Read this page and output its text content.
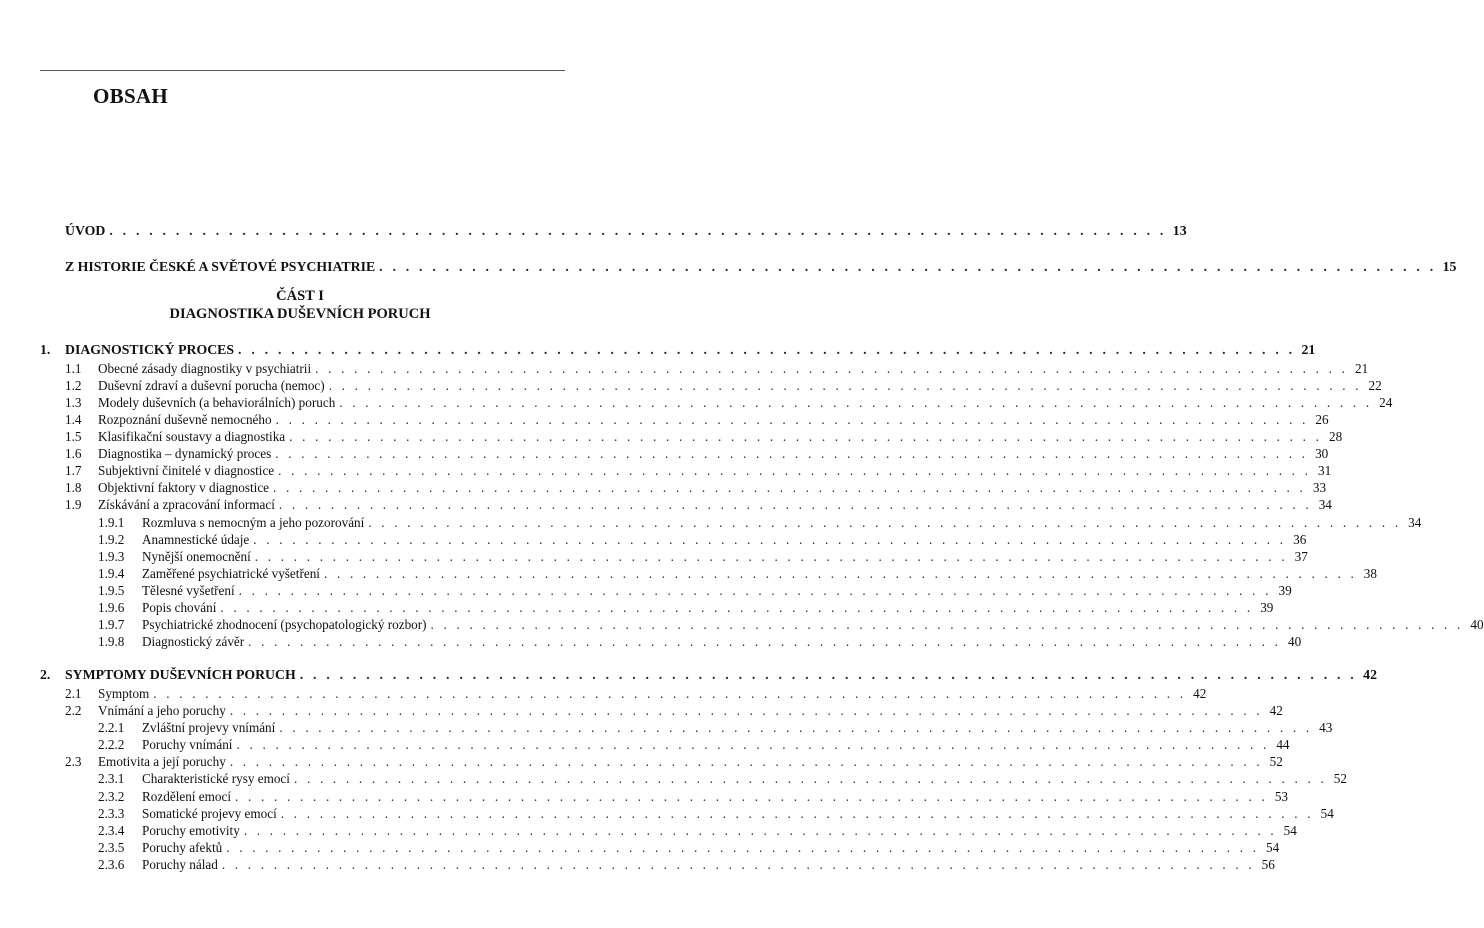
OBSAH
ÚVOD . . . . . . . . . . . . . . . . . . . . . . . . . . . . . . . . . . . . . . . . . . . . . . . . . . . . . . . . . . . . . . . . . . . . . . . . . . . . . . . . 13
Z HISTORIE ČESKÉ A SVĚTOVÉ PSYCHIATRIE . . . . . . . . . . . . . . . . . . . . . . . . . . . . . . . . . . . . . . . . . . . . . . . . . . . . . . . . . . . . . . . . . . . . . . . . . . . . . . . . 15
ČÁST I
DIAGNOSTIKA DUŠEVNÍCH PORUCH
1. DIAGNOSTICKÝ PROCES . . . . . . . . . . . . . . . . . . . . . . . . . . . . . . . . . . . . . . . . . . . . . . . . . . . . . . . . . . . . . . . . . . . . . . . . . . . . . . . . 21
1.1 Obecné zásady diagnostiky v psychiatrii . . . . . . . . . . . . . . . . . . . . . . . . . . . . . . . . . . . . . . . . . . . . . . . . . . . . . . . . . . . . . . . . . . . . . . . . . . . . . . . . 21
1.2 Duševní zdraví a duševní porucha (nemoc) . . . . . . . . . . . . . . . . . . . . . . . . . . . . . . . . . . . . . . . . . . . . . . . . . . . . . . . . . . . . . . . . . . . . . . . . . . . . . . . . 22
1.3 Modely duševních (a behaviorálních) poruch . . . . . . . . . . . . . . . . . . . . . . . . . . . . . . . . . . . . . . . . . . . . . . . . . . . . . . . . . . . . . . . . . . . . . . . . . . . . . . . . 24
1.4 Rozpoznání duševně nemocného . . . . . . . . . . . . . . . . . . . . . . . . . . . . . . . . . . . . . . . . . . . . . . . . . . . . . . . . . . . . . . . . . . . . . . . . . . . . . . . . 26
1.5 Klasifikační soustavy a diagnostika . . . . . . . . . . . . . . . . . . . . . . . . . . . . . . . . . . . . . . . . . . . . . . . . . . . . . . . . . . . . . . . . . . . . . . . . . . . . . . . . 28
1.6 Diagnostika – dynamický proces . . . . . . . . . . . . . . . . . . . . . . . . . . . . . . . . . . . . . . . . . . . . . . . . . . . . . . . . . . . . . . . . . . . . . . . . . . . . . . . . 30
1.7 Subjektivní činitelé v diagnostice . . . . . . . . . . . . . . . . . . . . . . . . . . . . . . . . . . . . . . . . . . . . . . . . . . . . . . . . . . . . . . . . . . . . . . . . . . . . . . . . 31
1.8 Objektivní faktory v diagnostice . . . . . . . . . . . . . . . . . . . . . . . . . . . . . . . . . . . . . . . . . . . . . . . . . . . . . . . . . . . . . . . . . . . . . . . . . . . . . . . . 33
1.9 Získávání a zpracování informací . . . . . . . . . . . . . . . . . . . . . . . . . . . . . . . . . . . . . . . . . . . . . . . . . . . . . . . . . . . . . . . . . . . . . . . . . . . . . . . . 34
1.9.1 Rozmluva s nemocným a jeho pozorování . . . . . . . . . . . . . . . . . . . . . . . . . . . . . . . . . . . . . . . . . . . . . . . . . . . . . . . . . . . . . . . . . . . . . . . . . . . . . . . . 34
1.9.2 Anamnestické údaje . . . . . . . . . . . . . . . . . . . . . . . . . . . . . . . . . . . . . . . . . . . . . . . . . . . . . . . . . . . . . . . . . . . . . . . . . . . . . . . . 36
1.9.3 Nynější onemocnění . . . . . . . . . . . . . . . . . . . . . . . . . . . . . . . . . . . . . . . . . . . . . . . . . . . . . . . . . . . . . . . . . . . . . . . . . . . . . . . . 37
1.9.4 Zaměřené psychiatrické vyšetření . . . . . . . . . . . . . . . . . . . . . . . . . . . . . . . . . . . . . . . . . . . . . . . . . . . . . . . . . . . . . . . . . . . . . . . . . . . . . . . . 38
1.9.5 Tělesné vyšetření . . . . . . . . . . . . . . . . . . . . . . . . . . . . . . . . . . . . . . . . . . . . . . . . . . . . . . . . . . . . . . . . . . . . . . . . . . . . . . . . 39
1.9.6 Popis chování . . . . . . . . . . . . . . . . . . . . . . . . . . . . . . . . . . . . . . . . . . . . . . . . . . . . . . . . . . . . . . . . . . . . . . . . . . . . . . . . 39
1.9.7 Psychiatrické zhodnocení (psychopatologický rozbor) . . . . . . . . . . . . . . . . . . . . . . . . . . . . . . . . . . . . . . . . . . . . . . . . . . . . . . . . . . . . . . . . . . . . . . . . . . . . . . . . 40
1.9.8 Diagnostický závěr . . . . . . . . . . . . . . . . . . . . . . . . . . . . . . . . . . . . . . . . . . . . . . . . . . . . . . . . . . . . . . . . . . . . . . . . . . . . . . . . 40
2. SYMPTOMY DUŠEVNÍCH PORUCH . . . . . . . . . . . . . . . . . . . . . . . . . . . . . . . . . . . . . . . . . . . . . . . . . . . . . . . . . . . . . . . . . . . . . . . . . . . . . . . . 42
2.1 Symptom . . . . . . . . . . . . . . . . . . . . . . . . . . . . . . . . . . . . . . . . . . . . . . . . . . . . . . . . . . . . . . . . . . . . . . . . . . . . . . . . 42
2.2 Vnímání a jeho poruchy . . . . . . . . . . . . . . . . . . . . . . . . . . . . . . . . . . . . . . . . . . . . . . . . . . . . . . . . . . . . . . . . . . . . . . . . . . . . . . . . 42
2.2.1 Zvláštní projevy vnímání . . . . . . . . . . . . . . . . . . . . . . . . . . . . . . . . . . . . . . . . . . . . . . . . . . . . . . . . . . . . . . . . . . . . . . . . . . . . . . . . 43
2.2.2 Poruchy vnímání . . . . . . . . . . . . . . . . . . . . . . . . . . . . . . . . . . . . . . . . . . . . . . . . . . . . . . . . . . . . . . . . . . . . . . . . . . . . . . . . 44
2.3 Emotivita a její poruchy . . . . . . . . . . . . . . . . . . . . . . . . . . . . . . . . . . . . . . . . . . . . . . . . . . . . . . . . . . . . . . . . . . . . . . . . . . . . . . . . 52
2.3.1 Charakteristické rysy emocí . . . . . . . . . . . . . . . . . . . . . . . . . . . . . . . . . . . . . . . . . . . . . . . . . . . . . . . . . . . . . . . . . . . . . . . . . . . . . . . . 52
2.3.2 Rozdělení emocí . . . . . . . . . . . . . . . . . . . . . . . . . . . . . . . . . . . . . . . . . . . . . . . . . . . . . . . . . . . . . . . . . . . . . . . . . . . . . . . . 53
2.3.3 Somatické projevy emocí . . . . . . . . . . . . . . . . . . . . . . . . . . . . . . . . . . . . . . . . . . . . . . . . . . . . . . . . . . . . . . . . . . . . . . . . . . . . . . . . 54
2.3.4 Poruchy emotivity . . . . . . . . . . . . . . . . . . . . . . . . . . . . . . . . . . . . . . . . . . . . . . . . . . . . . . . . . . . . . . . . . . . . . . . . . . . . . . . . 54
2.3.5 Poruchy afektů . . . . . . . . . . . . . . . . . . . . . . . . . . . . . . . . . . . . . . . . . . . . . . . . . . . . . . . . . . . . . . . . . . . . . . . . . . . . . . . . 54
2.3.6 Poruchy nálad . . . . . . . . . . . . . . . . . . . . . . . . . . . . . . . . . . . . . . . . . . . . . . . . . . . . . . . . . . . . . . . . . . . . . . . . . . . . . . . . 56
